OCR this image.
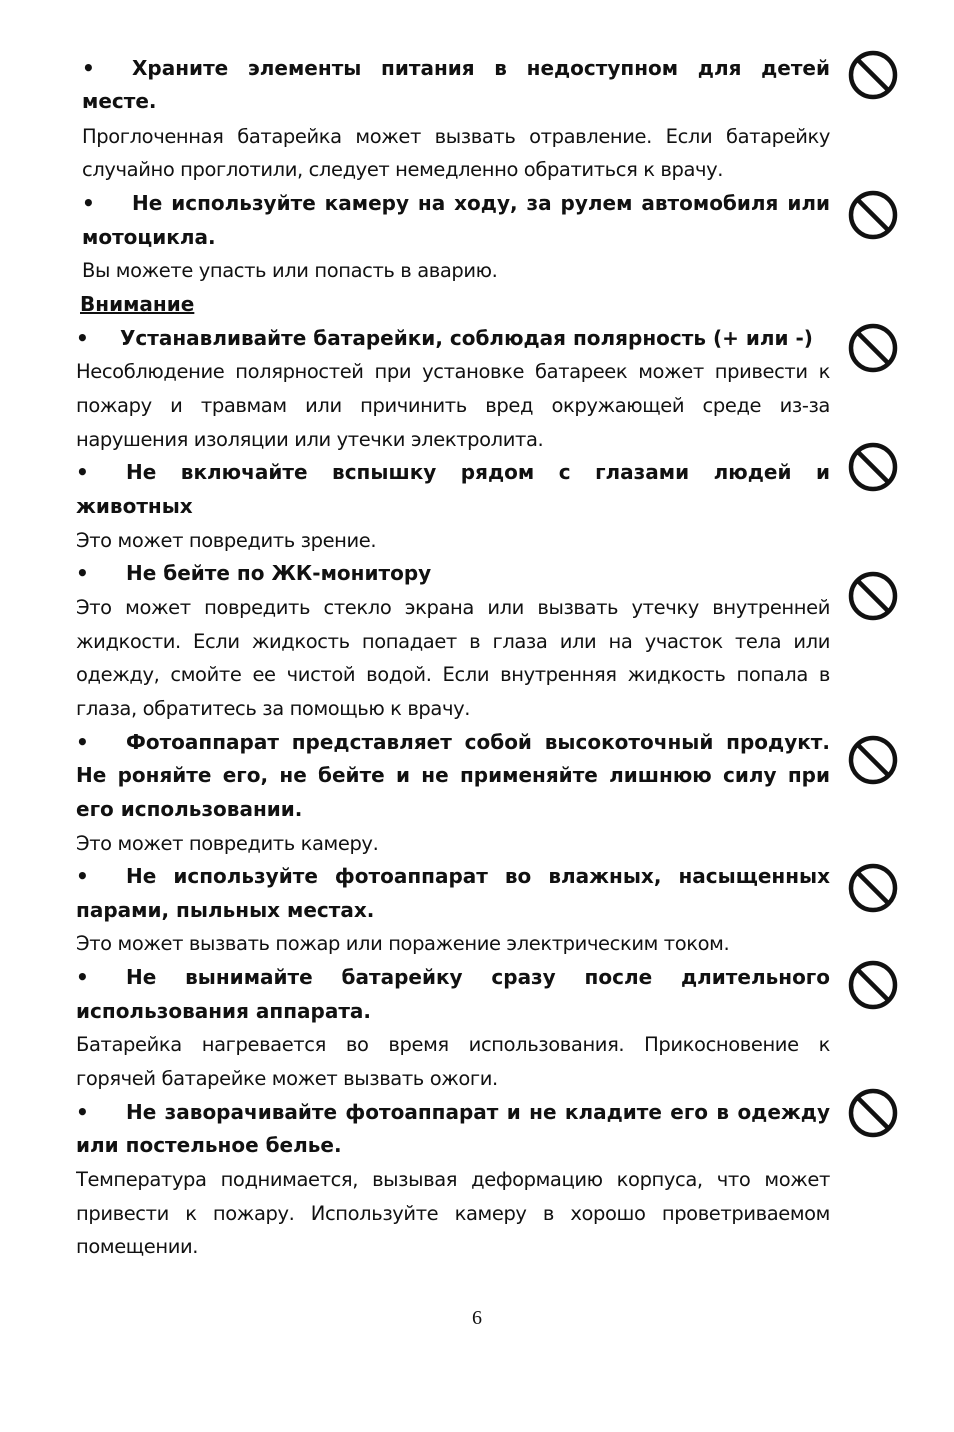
• Храните элементы питания в недоступном для детей
месте.
Проглоченная батарейка может вызвать отравление. Если батарейку
случайно проглотили, следует немедленно обратиться к врачу.
• Не используйте камеру на ходу, за рулем автомобиля или
мотоцикла.
Вы можете упасть или попасть в аварию.
Внимание
• Устанавливайте батарейки, соблюдая полярность (+ или -)
Несоблюдение полярностей при установке батареек может привести к
пожару и травмам или причинить вред окружающей среде из-за
нарушения изоляции или утечки электролита.
• Не включайте вспышку рядом с глазами людей и
животных
Это может повредить зрение.
• Не бейте по ЖК-монитору
Это может повредить стекло экрана или вызвать утечку внутренней
жидкости. Если жидкость попадает в глаза или на участок тела или
одежду, смойте ее чистой водой. Если внутренняя жидкость попала в
глаза, обратитесь за помощью к врачу.
• Фотоаппарат представляет собой высокоточный продукт.
Не роняйте его, не бейте и не применяйте лишнюю силу при
его использовании.
Это может повредить камеру.
• Не используйте фотоаппарат во влажных, насыщенных
парами, пыльных местах.
Это может вызвать пожар или поражение электрическим током.
• Не вынимайте батарейку сразу после длительного
использования аппарата.
Батарейка нагревается во время использования. Прикосновение к
горячей батарейке может вызвать ожоги.
• Не заворачивайте фотоаппарат и не кладите его в одежду
или постельное белье.
Температура поднимается, вызывая деформацию корпуса, что может
привести к пожару. Используйте камеру в хорошо проветриваемом
помещении.
6
